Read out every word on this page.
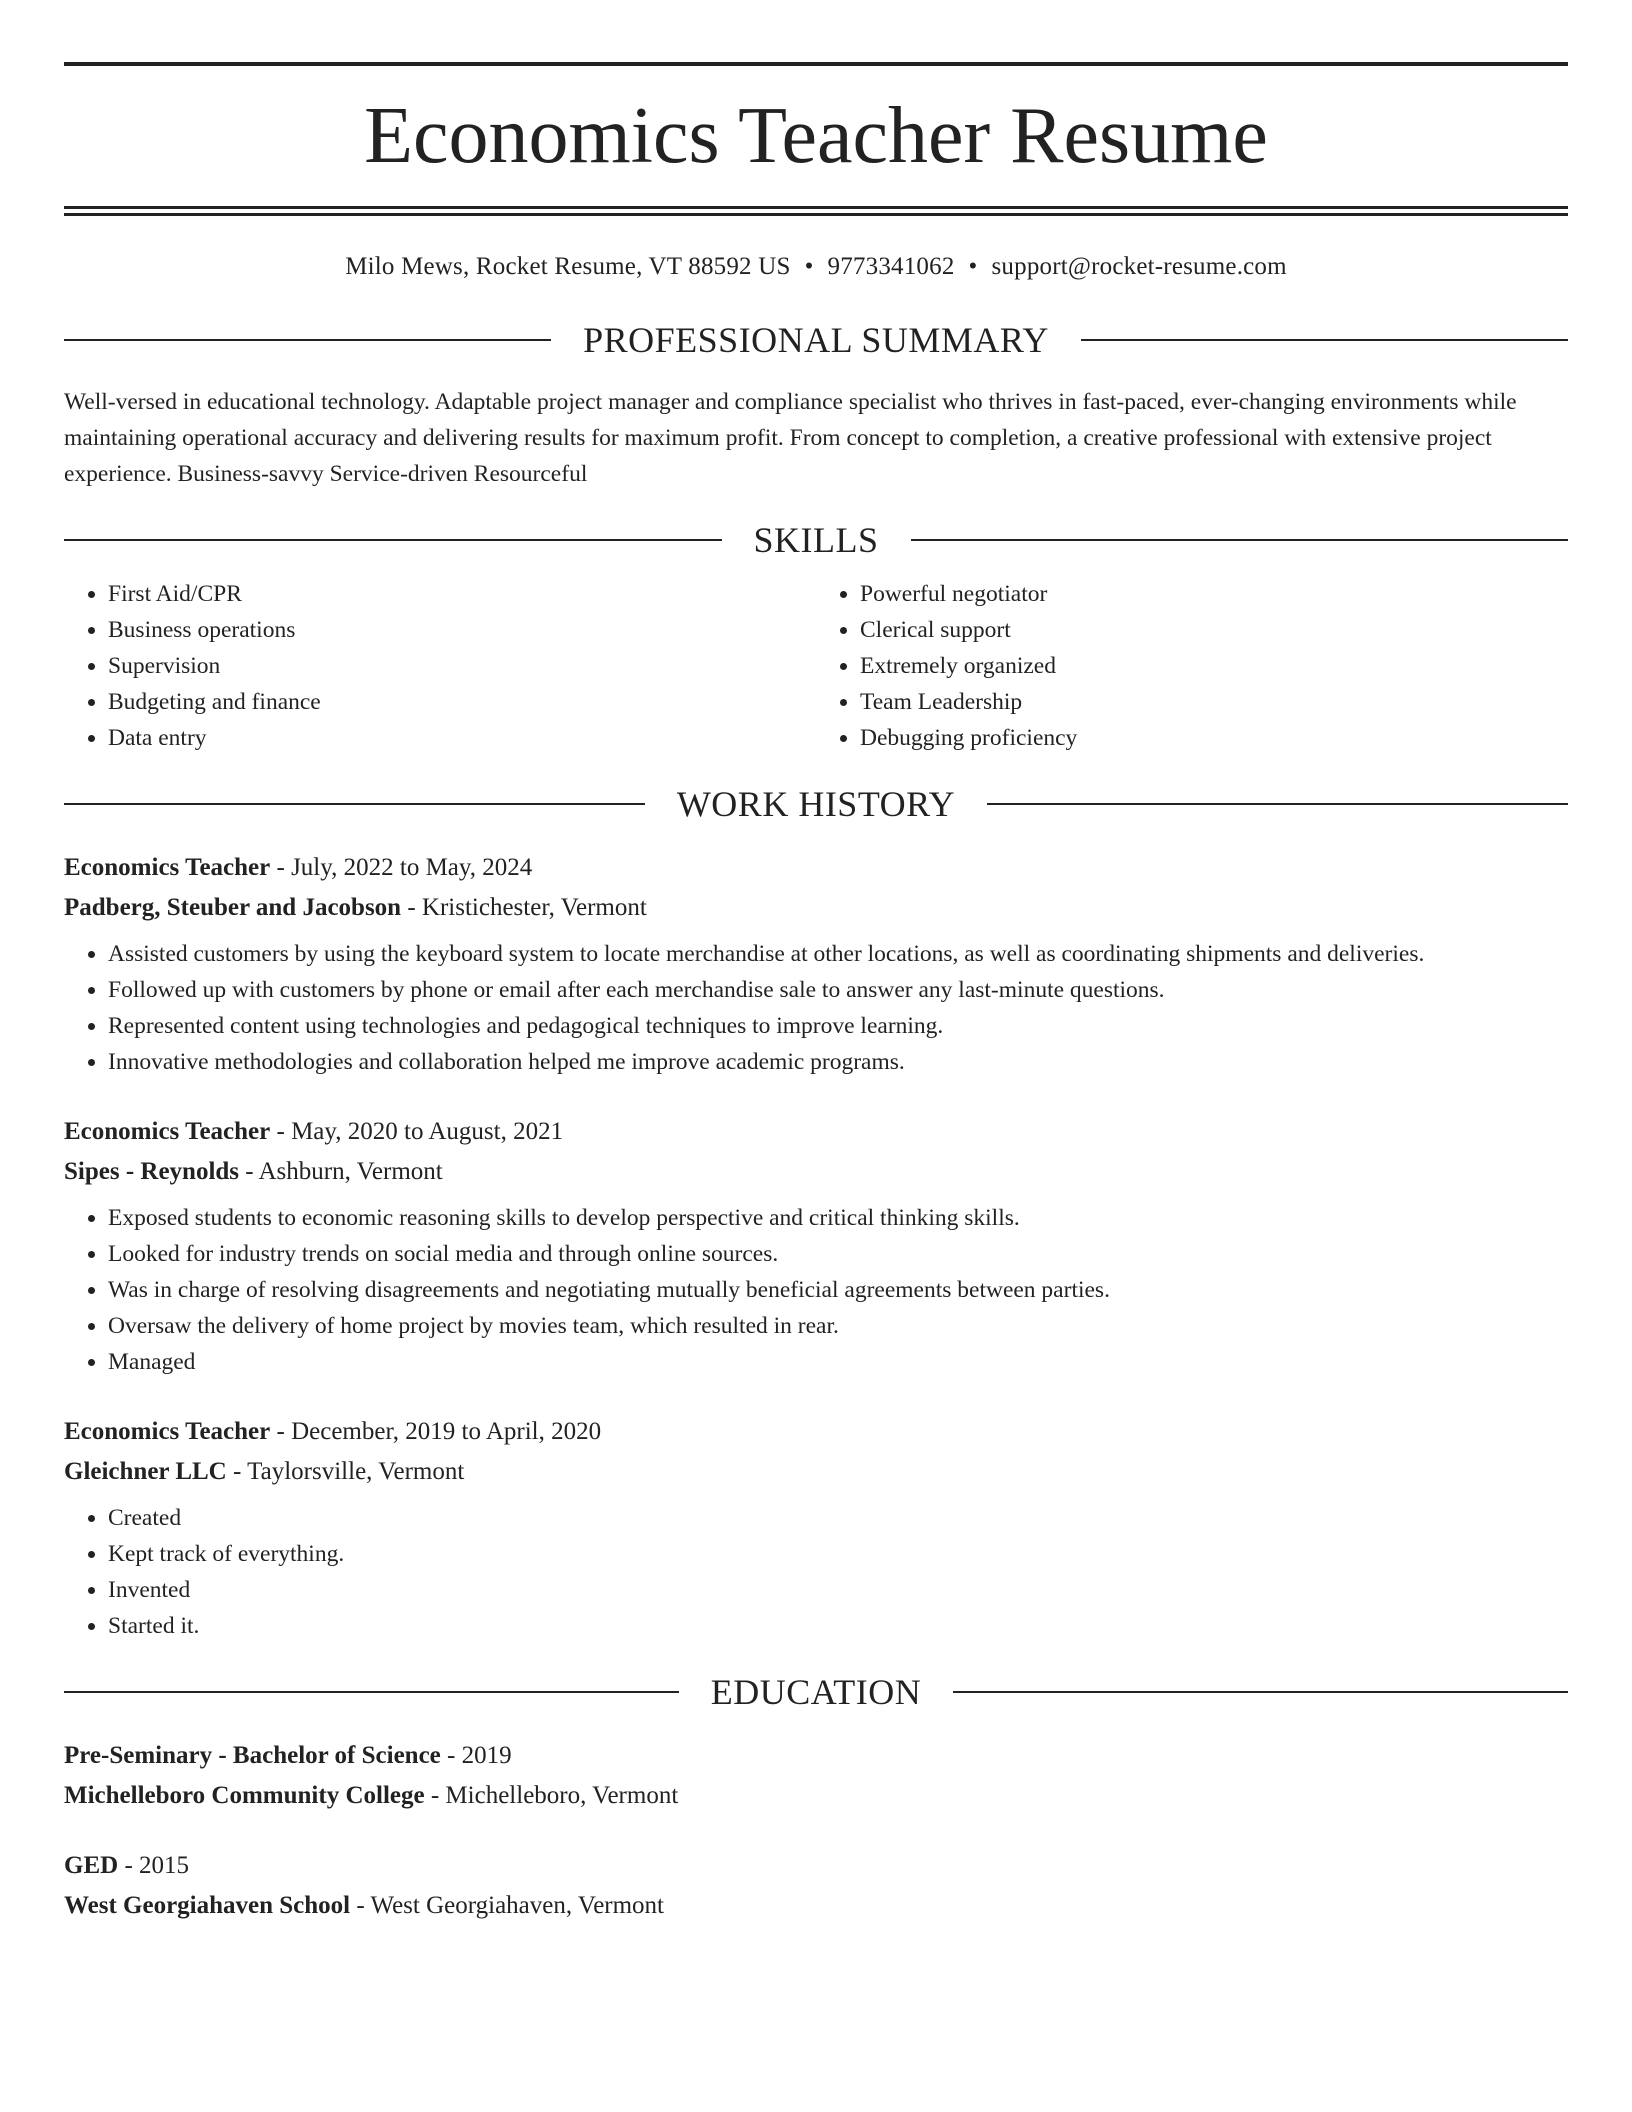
Economics Teacher Resume
Milo Mews, Rocket Resume, VT 88592 US • 9773341062 • support@rocket-resume.com
PROFESSIONAL SUMMARY
Well-versed in educational technology. Adaptable project manager and compliance specialist who thrives in fast-paced, ever-changing environments while maintaining operational accuracy and delivering results for maximum profit. From concept to completion, a creative professional with extensive project experience. Business-savvy Service-driven Resourceful
SKILLS
• First Aid/CPR
• Business operations
• Supervision
• Budgeting and finance
• Data entry
• Powerful negotiator
• Clerical support
• Extremely organized
• Team Leadership
• Debugging proficiency
WORK HISTORY
Economics Teacher - July, 2022 to May, 2024
Padberg, Steuber and Jacobson - Kristichester, Vermont
• Assisted customers by using the keyboard system to locate merchandise at other locations, as well as coordinating shipments and deliveries.
• Followed up with customers by phone or email after each merchandise sale to answer any last-minute questions.
• Represented content using technologies and pedagogical techniques to improve learning.
• Innovative methodologies and collaboration helped me improve academic programs.
Economics Teacher - May, 2020 to August, 2021
Sipes - Reynolds - Ashburn, Vermont
• Exposed students to economic reasoning skills to develop perspective and critical thinking skills.
• Looked for industry trends on social media and through online sources.
• Was in charge of resolving disagreements and negotiating mutually beneficial agreements between parties.
• Oversaw the delivery of home project by movies team, which resulted in rear.
• Managed
Economics Teacher - December, 2019 to April, 2020
Gleichner LLC - Taylorsville, Vermont
• Created
• Kept track of everything.
• Invented
• Started it.
EDUCATION
Pre-Seminary - Bachelor of Science - 2019
Michelleboro Community College - Michelleboro, Vermont
GED - 2015
West Georgiahaven School - West Georgiahaven, Vermont
